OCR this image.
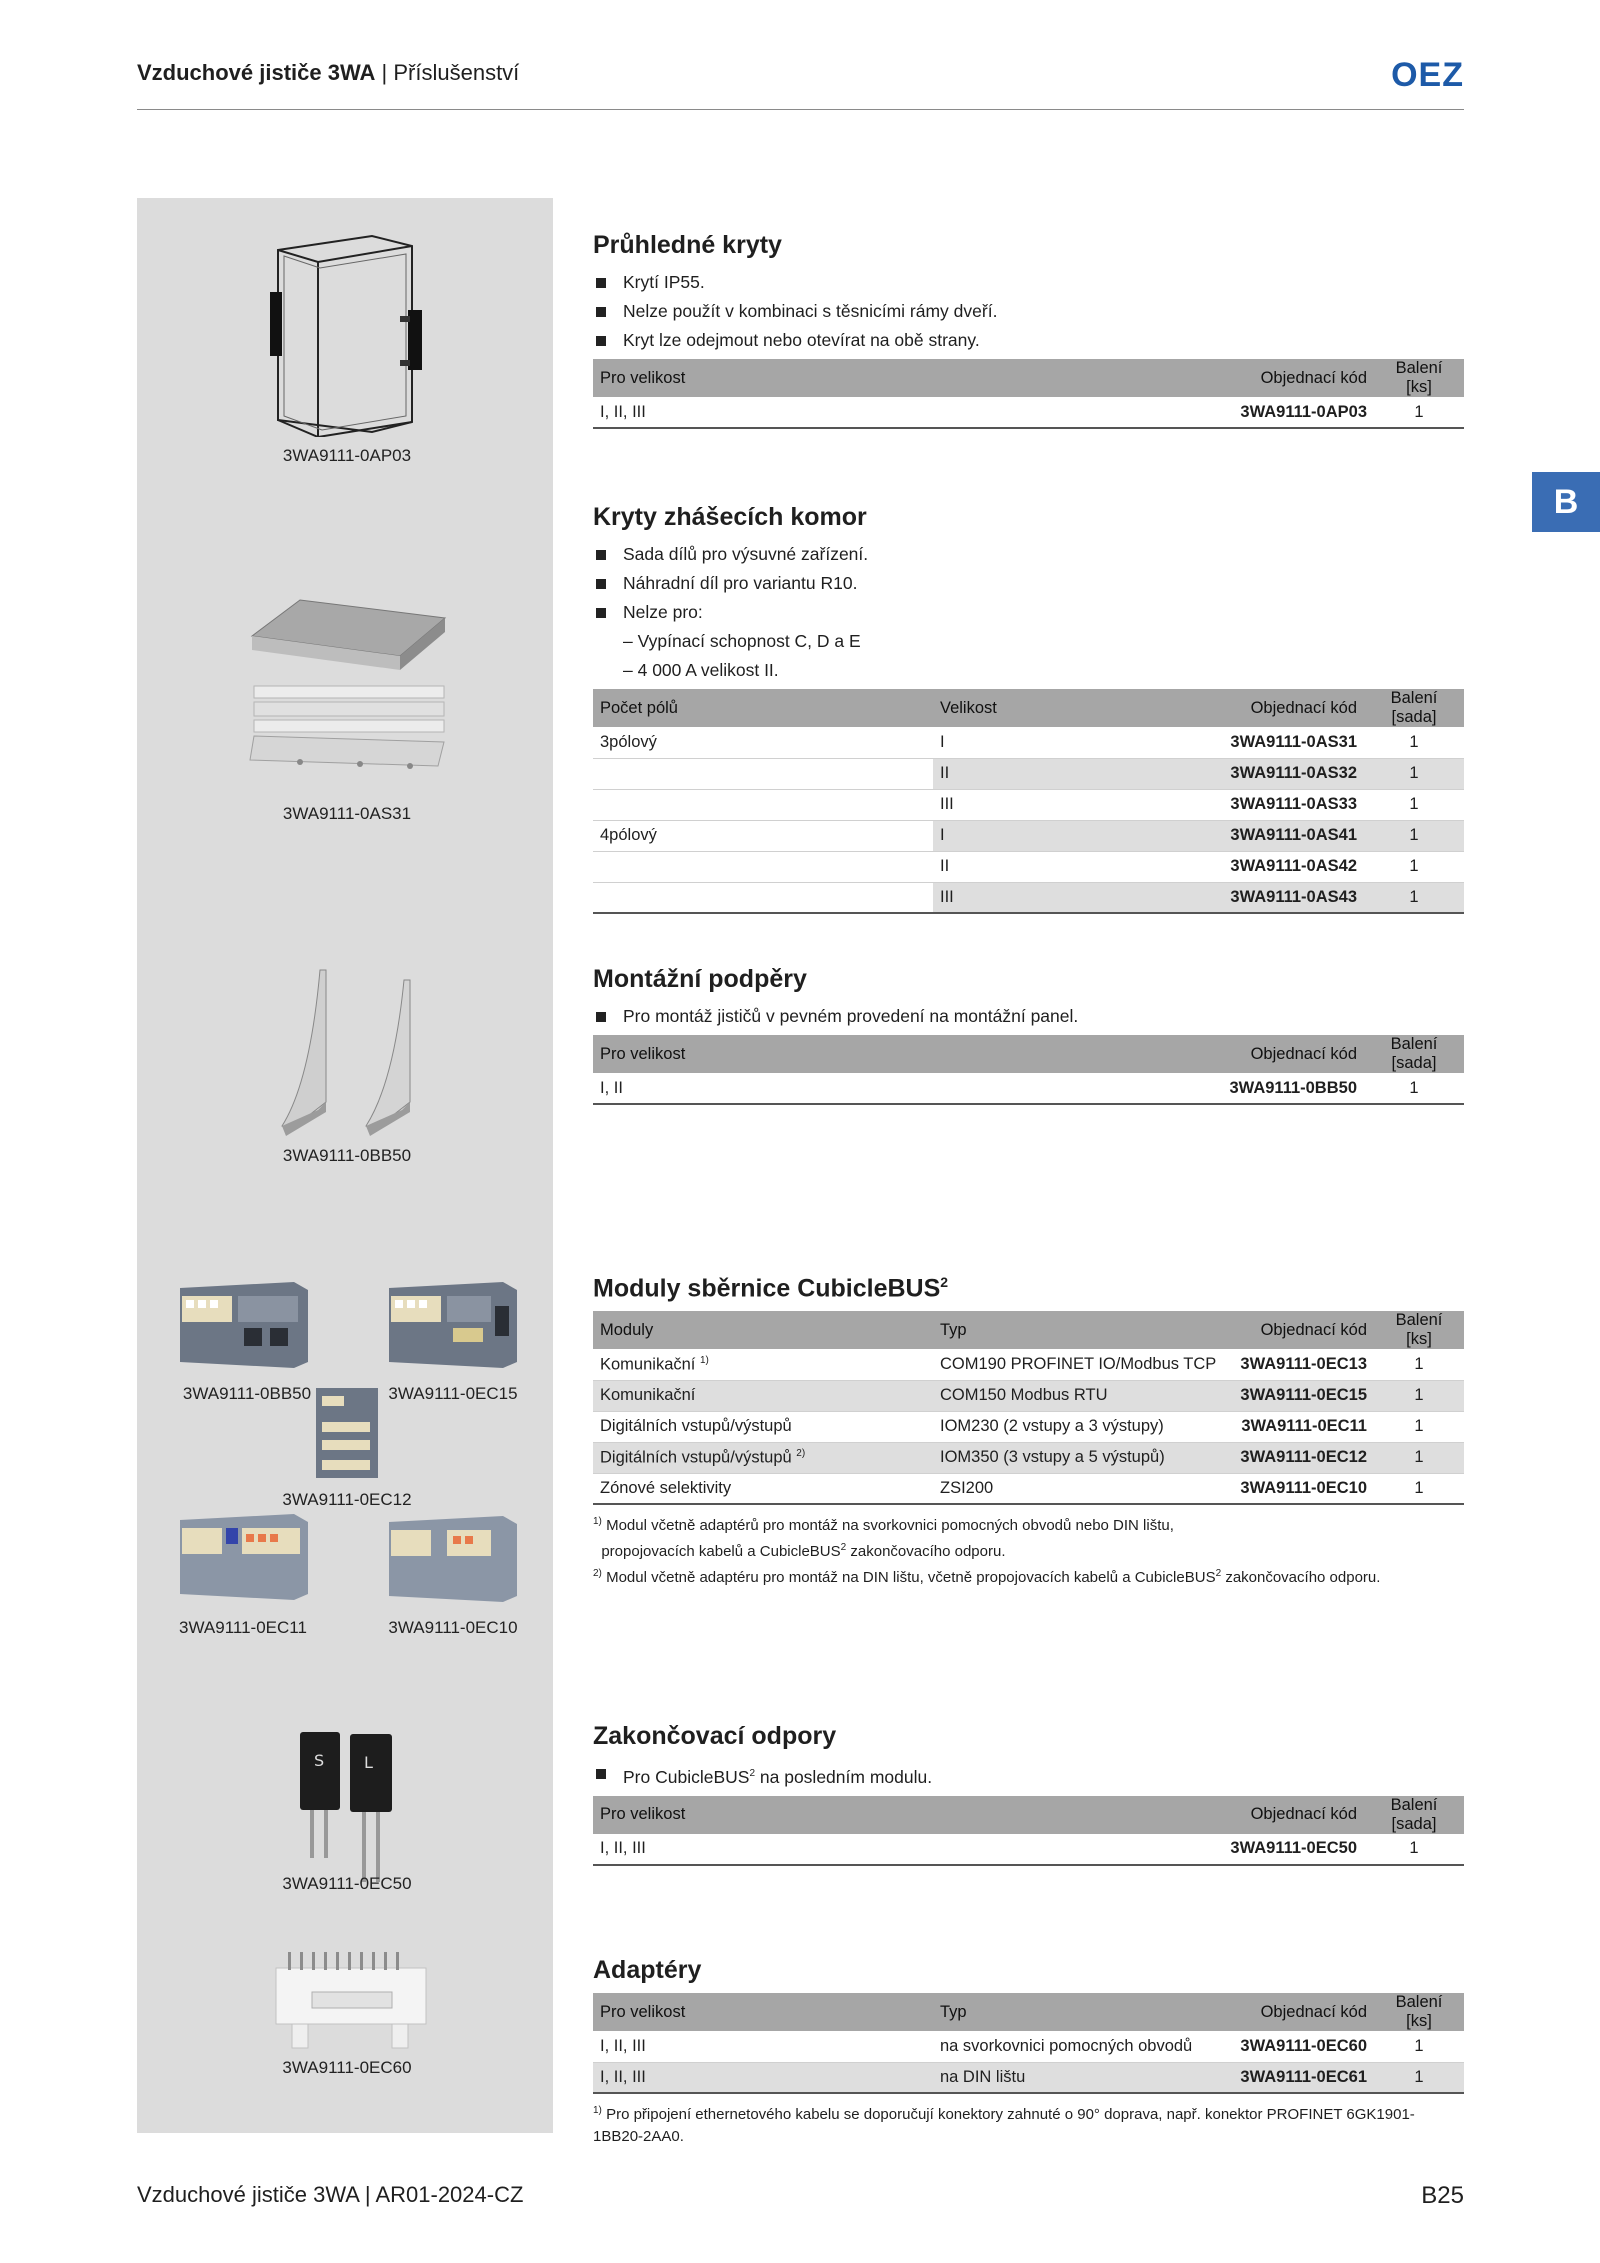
Vzduchové jističe 3WA | Příslušenství	OEZ
B
3WA9111-0AP03
3WA9111-0AS31
3WA9111-0BB50
3WA9111-0BB50	3WA9111-0EC15
3WA9111-0EC12
3WA9111-0EC11	3WA9111-0EC10
S L
3WA9111-0EC50
3WA9111-0EC60
Průhledné kryty
Krytí IP55.
Nelze použít v kombinaci s těsnicími rámy dveří.
Kryt lze odejmout nebo otevírat na obě strany.
Pro velikost	Objednací kód	Balení [ks]
I, II, III	3WA9111-0AP03	1
Kryty zhášecích komor
Sada dílů pro výsuvné zařízení.
Náhradní díl pro variantu R10.
Nelze pro:
– Vypínací schopnost C, D a E
– 4 000 A velikost II.
Počet pólů	Velikost	Objednací kód	Balení [sada]
3pólový	I	3WA9111-0AS31	1
	II	3WA9111-0AS32	1
	III	3WA9111-0AS33	1
4pólový	I	3WA9111-0AS41	1
	II	3WA9111-0AS42	1
	III	3WA9111-0AS43	1
Montážní podpěry
Pro montáž jističů v pevném provedení na montážní panel.
Pro velikost	Objednací kód	Balení [sada]
I, II	3WA9111-0BB50	1
Moduly sběrnice CubicleBUS$^2$
Moduly	Typ	Objednací kód	Balení [ks]
Komunikační $^{1)}$	COM190 PROFINET IO/Modbus TCP	3WA9111-0EC13	1
Komunikační	COM150 Modbus RTU	3WA9111-0EC15	1
Digitálních vstupů/výstupů	IOM230 (2 vstupy a 3 výstupy)	3WA9111-0EC11	1
Digitálních vstupů/výstupů $^{2)}$	IOM350 (3 vstupy a 5 výstupů)	3WA9111-0EC12	1
Zónové selektivity	ZSI200	3WA9111-0EC10	1
$^{1)}$ Modul včetně adaptérů pro montáž na svorkovnici pomocných obvodů nebo DIN lištu,
propojovacích kabelů a CubicleBUS$^2$ zakončovacího odporu.
$^{2)}$ Modul včetně adaptéru pro montáž na DIN lištu, včetně propojovacích kabelů a CubicleBUS$^2$ zakončovacího odporu.
Zakončovací odpory
Pro CubicleBUS$^2$ na posledním modulu.
Pro velikost	Objednací kód	Balení [sada]
I, II, III	3WA9111-0EC50	1
Adaptéry
Pro velikost	Typ	Objednací kód	Balení [ks]
I, II, III	na svorkovnici pomocných obvodů	3WA9111-0EC60	1
I, II, III	na DIN lištu	3WA9111-0EC61	1
$^{1)}$ Pro připojení ethernetového kabelu se doporučují konektory zahnuté o 90° doprava, např. konektor PROFINET 6GK1901-1BB20-2AA0.
Vzduchové jističe 3WA | AR01-2024-CZ	B25
